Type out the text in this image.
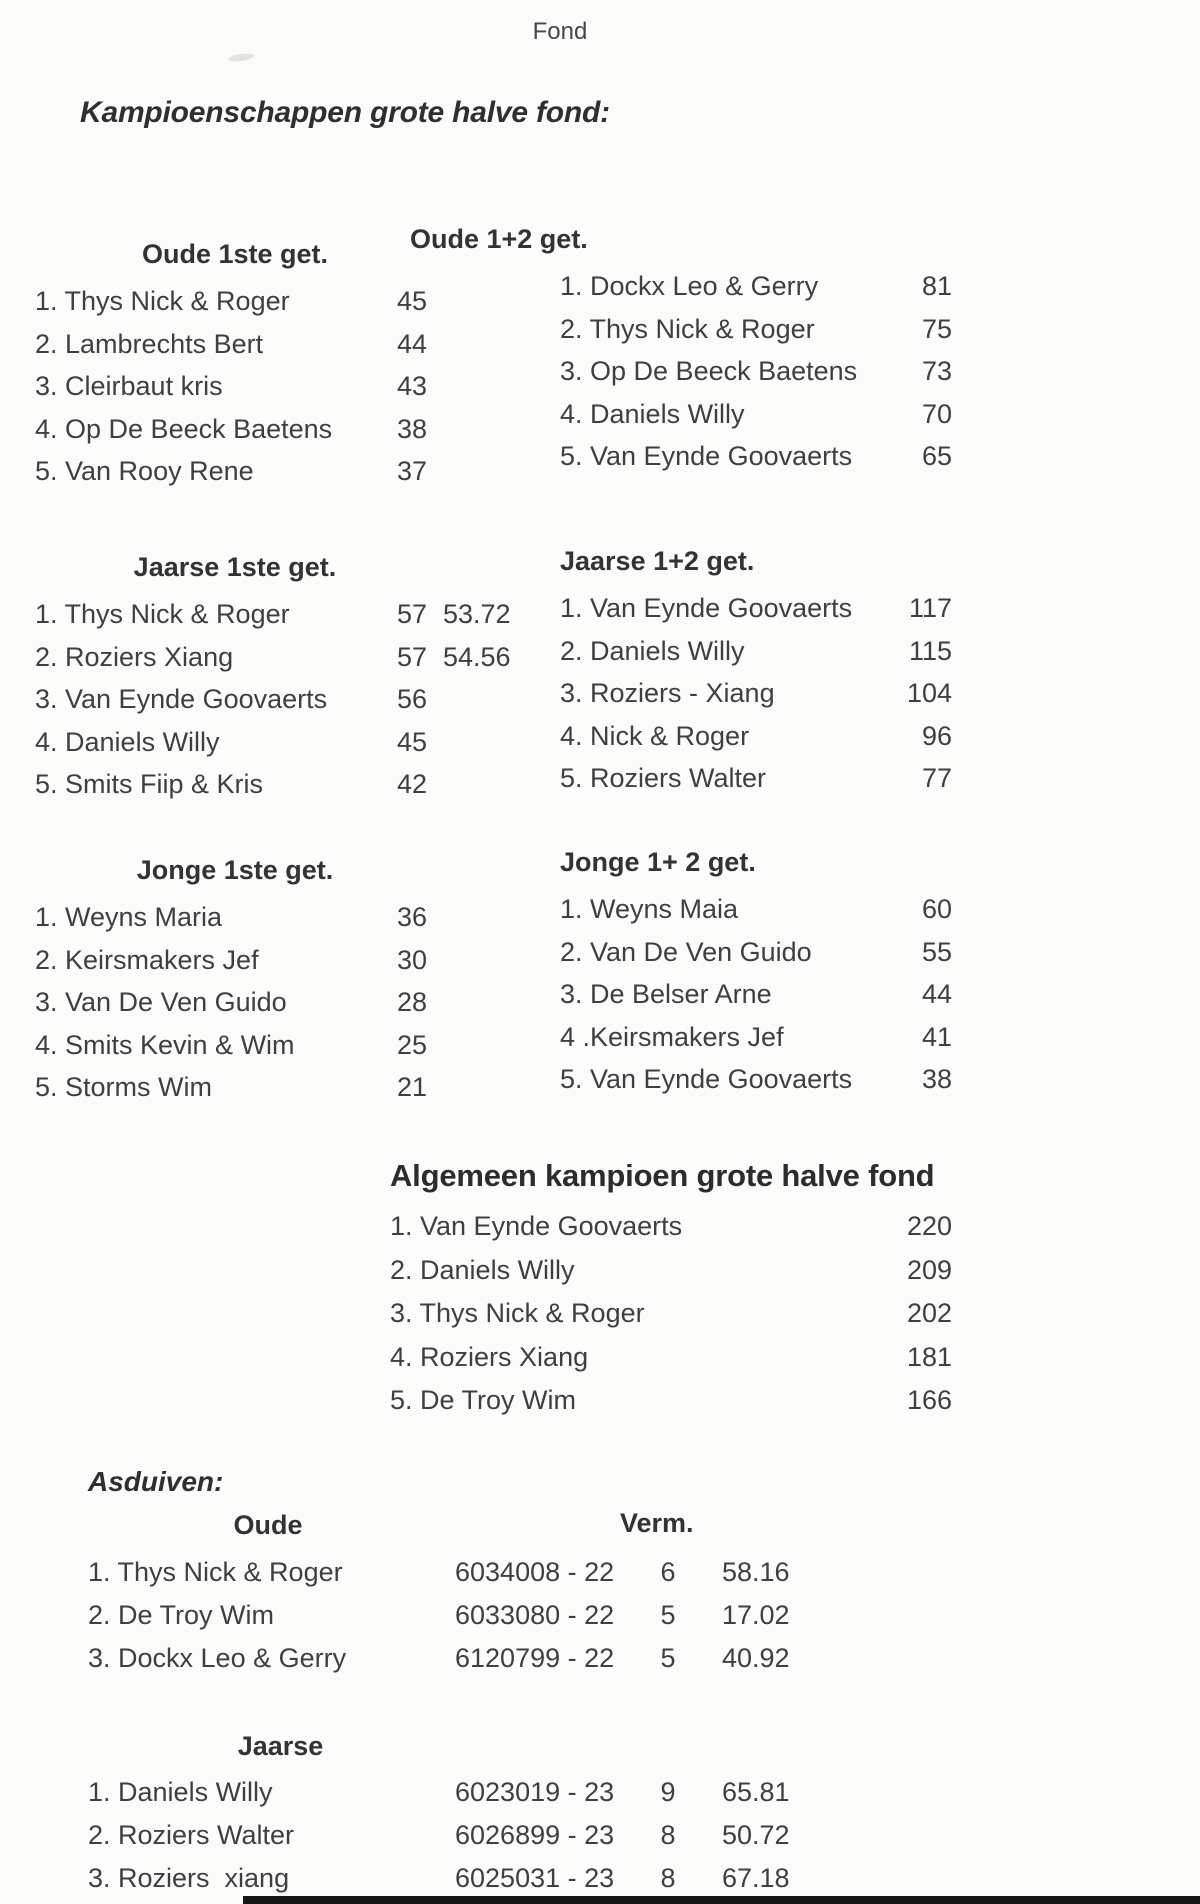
Fond
Kampioenschappen grote halve fond:
Oude 1ste get.
1. Thys Nick & Roger	45
2. Lambrechts Bert	44
3. Cleirbaut kris	43
4. Op De Beeck Baetens	38
5. Van Rooy Rene	37
Oude 1+2 get.
1. Dockx Leo & Gerry	81
2. Thys Nick & Roger	75
3. Op De Beeck Baetens	73
4. Daniels Willy	70
5. Van Eynde Goovaerts	65
Jaarse 1ste get.
1. Thys Nick & Roger	57 53.72
2. Roziers Xiang	57 54.56
3. Van Eynde Goovaerts	56
4. Daniels Willy	45
5. Smits Fiip & Kris	42
Jaarse 1+2 get.
1. Van Eynde Goovaerts	117
2. Daniels Willy	115
3. Roziers - Xiang	104
4. Nick & Roger	96
5. Roziers Walter	77
Jonge 1ste get.
1. Weyns Maria	36
2. Keirsmakers Jef	30
3. Van De Ven Guido	28
4. Smits Kevin & Wim	25
5. Storms Wim	21
Jonge 1+ 2 get.
1. Weyns Maia	60
2. Van De Ven Guido	55
3. De Belser Arne	44
4 .Keirsmakers Jef	41
5. Van Eynde Goovaerts	38
Algemeen kampioen grote halve fond
1. Van Eynde Goovaerts	220
2. Daniels Willy	209
3. Thys Nick & Roger	202
4. Roziers Xiang	181
5. De Troy Wim	166
Asduiven:
Oude	Verm.
1. Thys Nick & Roger	6034008 - 22	6	58.16
2. De Troy Wim	6033080 - 22	5	17.02
3. Dockx Leo & Gerry	6120799 - 22	5	40.92
Jaarse
1. Daniels Willy	6023019 - 23	9	65.81
2. Roziers Walter	6026899 - 23	8	50.72
3. Roziers  xiang	6025031 - 23	8	67.18
